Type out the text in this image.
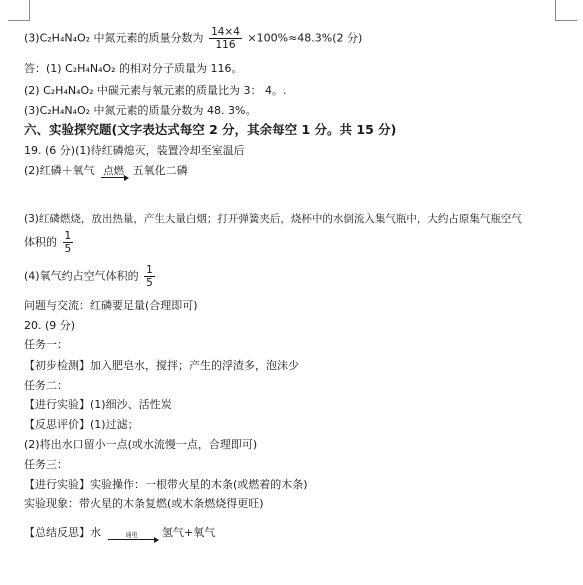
(3)C₂H₄N₄O₂ 中氮元素的质量分数为 $\frac{14\times 4}{116} \times 100\%\approx 48.3\%(2$ 分)
答：(1) C₂H₄N₄O₂ 的相对分子质量为 116。
(2) C₂H₄N₄O₂ 中碳元素与氧元素的质量比为 3： 4。.
(3)C₂H₄N₄O₂ 中氮元素的质量分数为 48. 3%。
六、实验探究题(文字表达式每空 2 分，其余每空 1 分。共 15 分)
19. (6 分)(1)待红磷熄灭，装置冷却至室温后
(2)红磷＋氧气 点燃 五氧化二磷
(3)红磷燃烧，放出热量，产生大量白烟；打开弹簧夹后，烧杯中的水倒流入集气瓶中，大约占原集气瓶空气
体积的 $\frac{1}{5}$
(4)氧气约占空气体积的 $\frac{1}{5}$
问题与交流：红磷要足量(合理即可)
20. (9 分)
任务一：
【初步检测】加入肥皂水，搅拌；产生的浮渣多，泡沫少
任务二：
【进行实验】(1)细沙、活性炭
【反思评价】(1)过滤；
(2)将出水口留小一点(或水流慢一点，合理即可)
任务三：
【进行实验】实验操作：一根带火星的木条(或燃着的木条)
实验现象：带火星的木条复燃(或木条燃烧得更旺)
【总结反思】水	通电	氢气+氧气
